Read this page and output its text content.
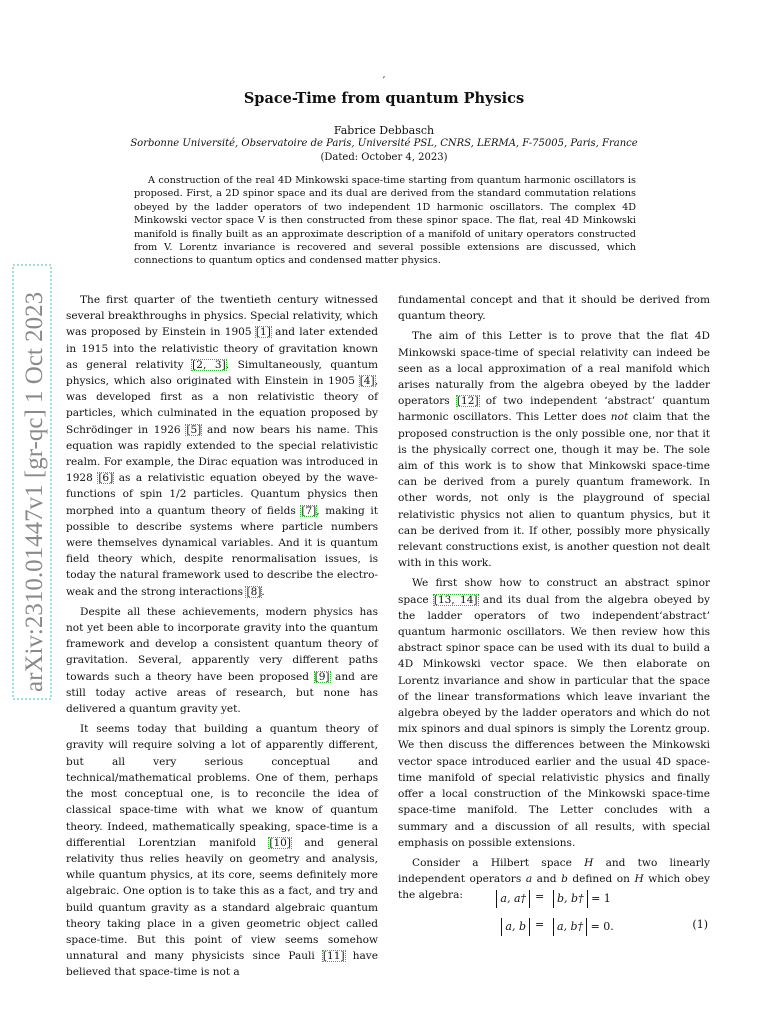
,
Space-Time from quantum Physics
Fabrice Debbasch
Sorbonne Université, Observatoire de Paris, Université PSL, CNRS, LERMA, F-75005, Paris, France
(Dated: October 4, 2023)

A construction of the real 4D Minkowski space-time starting from quantum harmonic oscillators is proposed. First, a 2D spinor space and its dual are derived from the standard commutation relations obeyed by the ladder operators of two independent 1D harmonic oscillators. The complex 4D Minkowski vector space V is then constructed from these spinor space. The flat, real 4D Minkowski manifold is finally built as an approximate description of a manifold of unitary operators constructed from V. Lorentz invariance is recovered and several possible extensions are discussed, which connections to quantum optics and condensed matter physics.

arXiv:2310.01447v1 [gr-qc] 1 Oct 2023	The first quarter of the twentieth century witnessed several breakthroughs in physics. Special relativity, which was proposed by Einstein in 1905 [1] and later extended in 1915 into the relativistic theory of gravitation known as general relativity [2, 3]. Simultaneously, quantum physics, which also originated with Einstein in 1905 [4], was developed first as a non relativistic theory of particles, which culminated in the equation proposed by Schrödinger in 1926 [5] and now bears his name. This equation was rapidly extended to the special relativistic realm. For example, the Dirac equation was introduced in 1928 [6] as a relativistic equation obeyed by the wave-functions of spin 1/2 particles. Quantum physics then morphed into a quantum theory of fields [7], making it possible to describe systems where particle numbers were themselves dynamical variables. And it is quantum field theory which, despite renormalisation issues, is today the natural framework used to describe the electro-weak and the strong interactions [8].

Despite all these achievements, modern physics has not yet been able to incorporate gravity into the quantum framework and develop a consistent quantum theory of gravitation. Several, apparently very different paths towards such a theory have been proposed [9] and are still today active areas of research, but none has delivered a quantum gravity yet.

It seems today that building a quantum theory of gravity will require solving a lot of apparently different, but all very serious conceptual and technical/mathematical problems. One of them, perhaps the most conceptual one, is to reconcile the idea of classical space-time with what we know of quantum theory. Indeed, mathematically speaking, space-time is a differential Lorentzian manifold [10] and general relativity thus relies heavily on geometry and analysis, while quantum physics, at its core, seems definitely more algebraic. One option is to take this as a fact, and try and build quantum gravity as a standard algebraic quantum theory taking place in a given geometric object called space-time. But this point of view seems somehow unnatural and many physicists since Pauli [11] have believed that space-time is not a

fundamental concept and that it should be derived from quantum theory.

The aim of this Letter is to prove that the flat 4D Minkowski space-time of special relativity can indeed be seen as a local approximation of a real manifold which arises naturally from the algebra obeyed by the ladder operators [12] of two independent ‘abstract’ quantum harmonic oscillators. This Letter does not claim that the proposed construction is the only possible one, nor that it is the physically correct one, though it may be. The sole aim of this work is to show that Minkowski space-time can be derived from a purely quantum framework. In other words, not only is the playground of special relativistic physics not alien to quantum physics, but it can be derived from it. If other, possibly more physically relevant constructions exist, is another question not dealt with in this work.

We first show how to construct an abstract spinor space [13, 14] and its dual from the algebra obeyed by the ladder operators of two independent‘abstract’ quantum harmonic oscillators. We then review how this abstract spinor space can be used with its dual to build a 4D Minkowski vector space. We then elaborate on Lorentz invariance and show in particular that the space of the linear transformations which leave invariant the algebra obeyed by the ladder operators and which do not mix spinors and dual spinors is simply the Lorentz group. We then discuss the differences between the Minkowski vector space introduced earlier and the usual 4D space-time manifold of special relativistic physics and finally offer a local construction of the Minkowski space-time space-time manifold. The Letter concludes with a summary and a discussion of all results, with special emphasis on possible extensions.

Consider a Hilbert space H and two linearly independent operators a and b defined on H which obey the algebra:	a, a† =	b, b† = 1
a, b =	a, b† = 0.	(1)
